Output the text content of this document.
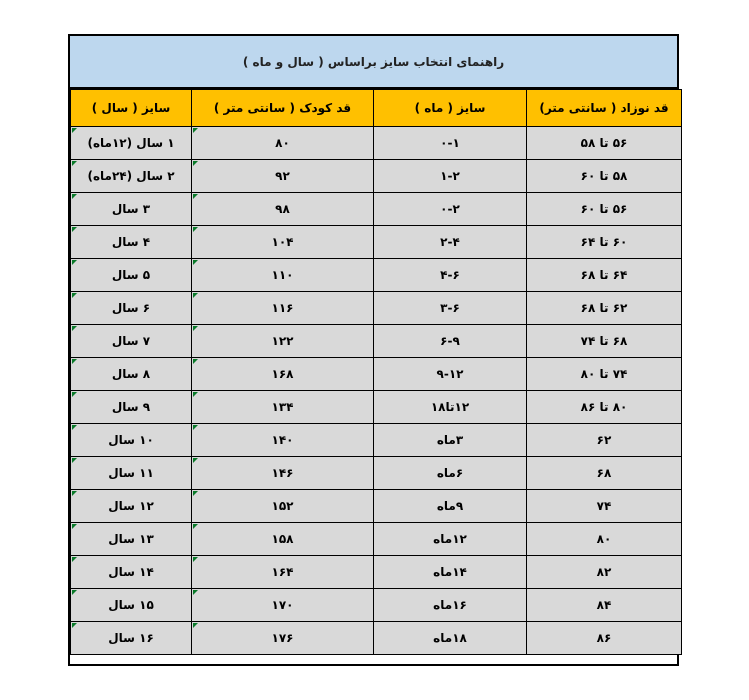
راهنمای انتخاب سایز براساس ( سال و ماه )
قد نوزاد ( سانتی متر)	سایز ( ماه )	قد کودک ( سانتی متر )	سایز ( سال )
۵۶ تا ۵۸	۰-۱	۸۰	۱ سال (۱۲ماه)
۵۸ تا ۶۰	۱-۲	۹۲	۲ سال (۲۴ماه)
۵۶ تا ۶۰	۰-۲	۹۸	۳ سال
۶۰ تا ۶۴	۲-۴	۱۰۴	۴ سال
۶۴ تا ۶۸	۴-۶	۱۱۰	۵ سال
۶۲ تا ۶۸	۳-۶	۱۱۶	۶ سال
۶۸ تا ۷۴	۶-۹	۱۲۲	۷ سال
۷۴ تا ۸۰	۹-۱۲	۱۶۸	۸ سال
۸۰ تا ۸۶	۱۲تا۱۸	۱۳۴	۹ سال
۶۲	۳ماه	۱۴۰	۱۰ سال
۶۸	۶ماه	۱۴۶	۱۱ سال
۷۴	۹ماه	۱۵۲	۱۲ سال
۸۰	۱۲ماه	۱۵۸	۱۳ سال
۸۲	۱۴ماه	۱۶۴	۱۴ سال
۸۴	۱۶ماه	۱۷۰	۱۵ سال
۸۶	۱۸ماه	۱۷۶	۱۶ سال
